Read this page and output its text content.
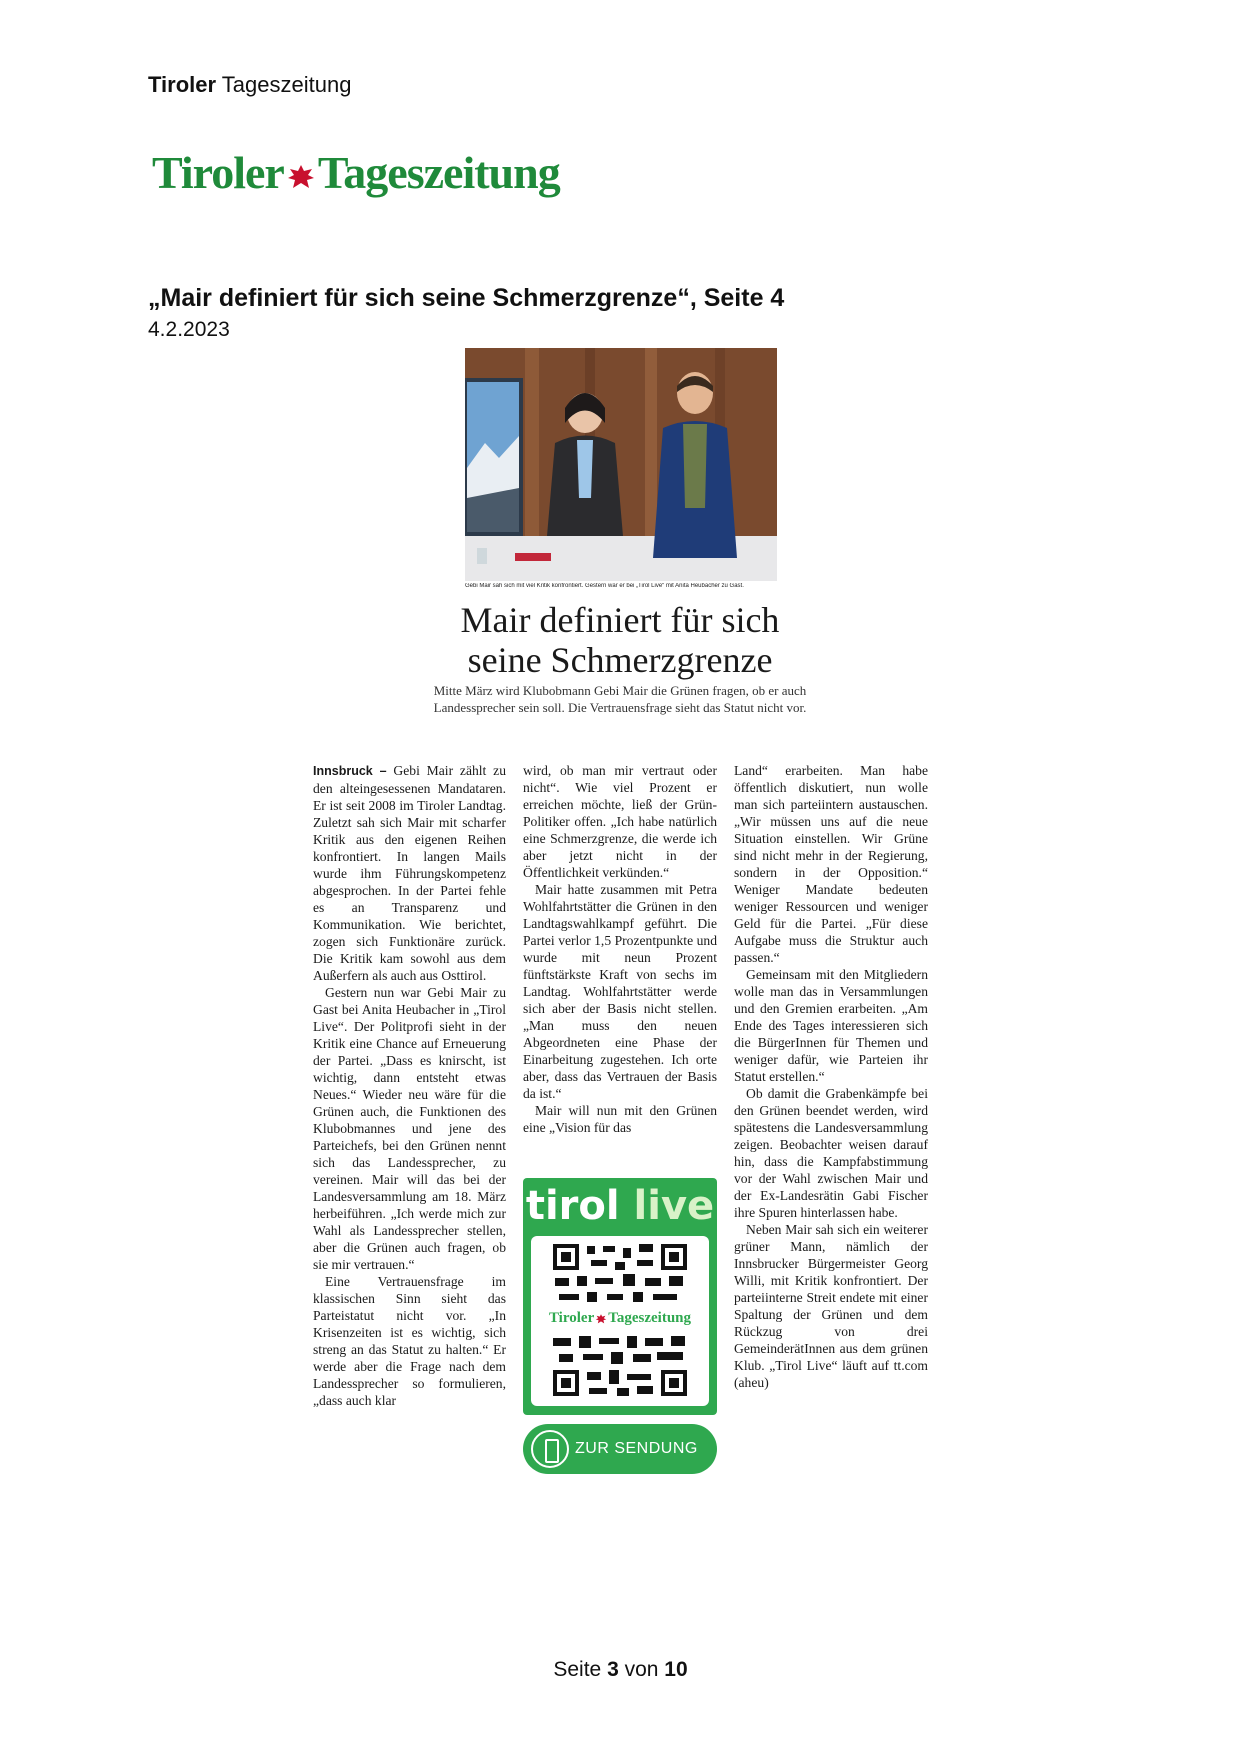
Tiroler Tageszeitung
Tiroler Tageszeitung
„Mair definiert für sich seine Schmerzgrenze“, Seite 4
4.2.2023
Gebi Mair sah sich mit viel Kritik konfrontiert. Gestern war er bei „Tirol Live“ mit Anita Heubacher zu Gast.
Mair definiert für sich
seine Schmerzgrenze
Mitte März wird Klubobmann Gebi Mair die Grünen fragen, ob er auch Landessprecher sein soll. Die Vertrauensfrage sieht das Statut nicht vor.

Innsbruck – Gebi Mair zählt zu den alteingesessenen Mandataren. Er ist seit 2008 im Tiroler Landtag. Zuletzt sah sich Mair mit scharfer Kritik aus den eigenen Reihen konfrontiert. In langen Mails wurde ihm Führungskompetenz abgesprochen. In der Partei fehle es an Transparenz und Kommunikation. Wie berichtet, zogen sich Funktionäre zurück. Die Kritik kam sowohl aus dem Außerfern als auch aus Osttirol.

Gestern nun war Gebi Mair zu Gast bei Anita Heubacher in „Tirol Live“. Der Politprofi sieht in der Kritik eine Chance auf Erneuerung der Partei. „Dass es knirscht, ist wichtig, dann entsteht etwas Neues.“ Wieder neu wäre für die Grünen auch, die Funktionen des Klubobmannes und jene des Parteichefs, bei den Grünen nennt sich das Landessprecher, zu vereinen. Mair will das bei der Landesversammlung am 18. März herbeiführen. „Ich werde mich zur Wahl als Landessprecher stellen, aber die Grünen auch fragen, ob sie mir vertrauen.“

Eine Vertrauensfrage im klassischen Sinn sieht das Parteistatut nicht vor. „In Krisenzeiten ist es wichtig, sich streng an das Statut zu halten.“ Er werde aber die Frage nach dem Landessprecher so formulieren, „dass auch klar

wird, ob man mir vertraut oder nicht“. Wie viel Prozent er erreichen möchte, ließ der Grün-Politiker offen. „Ich habe natürlich eine Schmerzgrenze, die werde ich aber jetzt nicht in der Öffentlichkeit verkünden.“

Mair hatte zusammen mit Petra Wohlfahrtstätter die Grünen in den Landtagswahlkampf geführt. Die Partei verlor 1,5 Prozentpunkte und wurde mit neun Prozent fünftstärkste Kraft von sechs im Landtag. Wohlfahrtstätter werde sich aber der Basis nicht stellen. „Man muss den neuen Abgeordneten eine Phase der Einarbeitung zugestehen. Ich orte aber, dass das Vertrauen der Basis da ist.“

Mair will nun mit den Grünen eine „Vision für das

tirol live
Tiroler Tageszeitung
ZUR SENDUNG

Land“ erarbeiten. Man habe öffentlich diskutiert, nun wolle man sich parteiintern austauschen. „Wir müssen uns auf die neue Situation einstellen. Wir Grüne sind nicht mehr in der Regierung, sondern in der Opposition.“ Weniger Mandate bedeuten weniger Ressourcen und weniger Geld für die Partei. „Für diese Aufgabe muss die Struktur auch passen.“

Gemeinsam mit den Mitgliedern wolle man das in Versammlungen und den Gremien erarbeiten. „Am Ende des Tages interessieren sich die BürgerInnen für Themen und weniger dafür, wie Parteien ihr Statut erstellen.“

Ob damit die Grabenkämpfe bei den Grünen beendet werden, wird spätestens die Landesversammlung zeigen. Beobachter weisen darauf hin, dass die Kampfabstimmung vor der Wahl zwischen Mair und der Ex-Landesrätin Gabi Fischer ihre Spuren hinterlassen habe.

Neben Mair sah sich ein weiterer grüner Mann, nämlich der Innsbrucker Bürgermeister Georg Willi, mit Kritik konfrontiert. Der parteiinterne Streit endete mit einer Spaltung der Grünen und dem Rückzug von drei GemeinderätInnen aus dem grünen Klub. „Tirol Live“ läuft auf tt.com (aheu)

Seite 3 von 10
